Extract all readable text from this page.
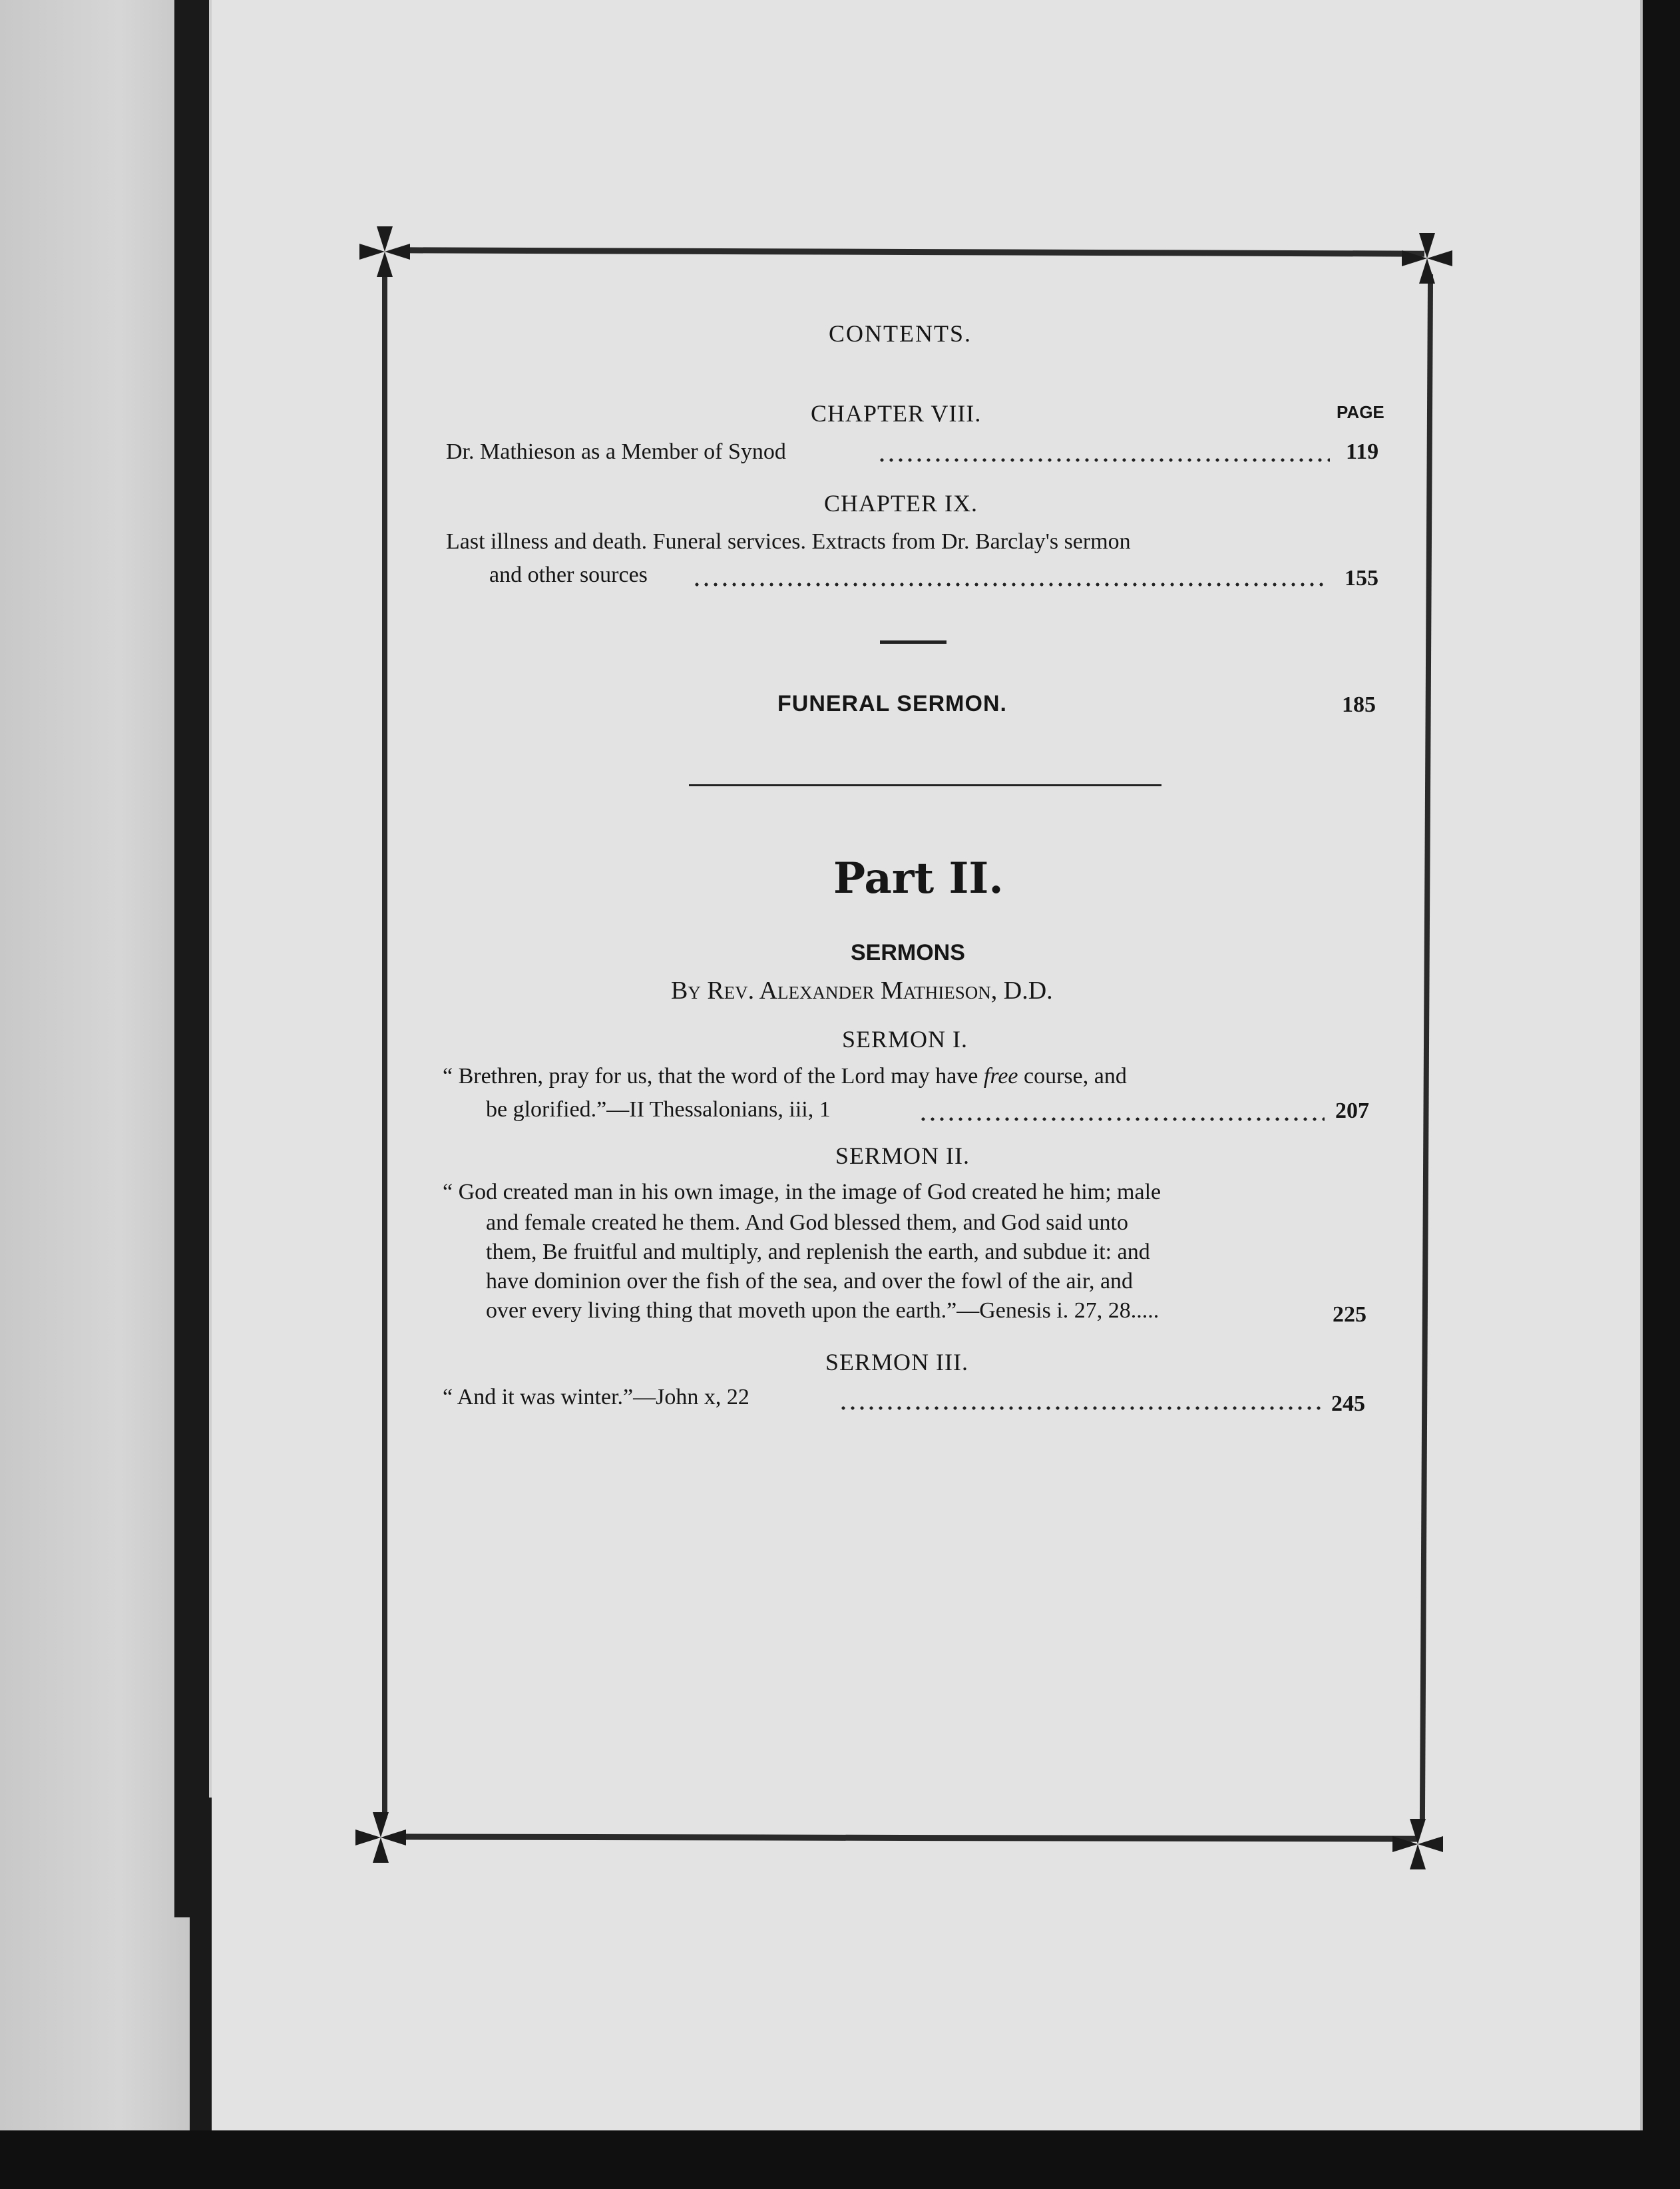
CONTENTS.
CHAPTER VIII.	PAGE
Dr. Mathieson as a Member of Synod	119
CHAPTER IX.
Last illness and death. Funeral services. Extracts from Dr. Barclay's sermon
and other sources	155
FUNERAL SERMON.	185
Part II.
SERMONS
By Rev. Alexander Mathieson, D.D.
SERMON I.
“ Brethren, pray for us, that the word of the Lord may have free course, and
be glorified.”—II Thessalonians, iii, 1	207
SERMON II.
“ God created man in his own image, in the image of God created he him; male
and female created he them. And God blessed them, and God said unto
them, Be fruitful and multiply, and replenish the earth, and subdue it: and
have dominion over the fish of the sea, and over the fowl of the air, and
over every living thing that moveth upon the earth.”—Genesis i. 27, 28.....	225
SERMON III.
“ And it was winter.”—John x, 22	245
